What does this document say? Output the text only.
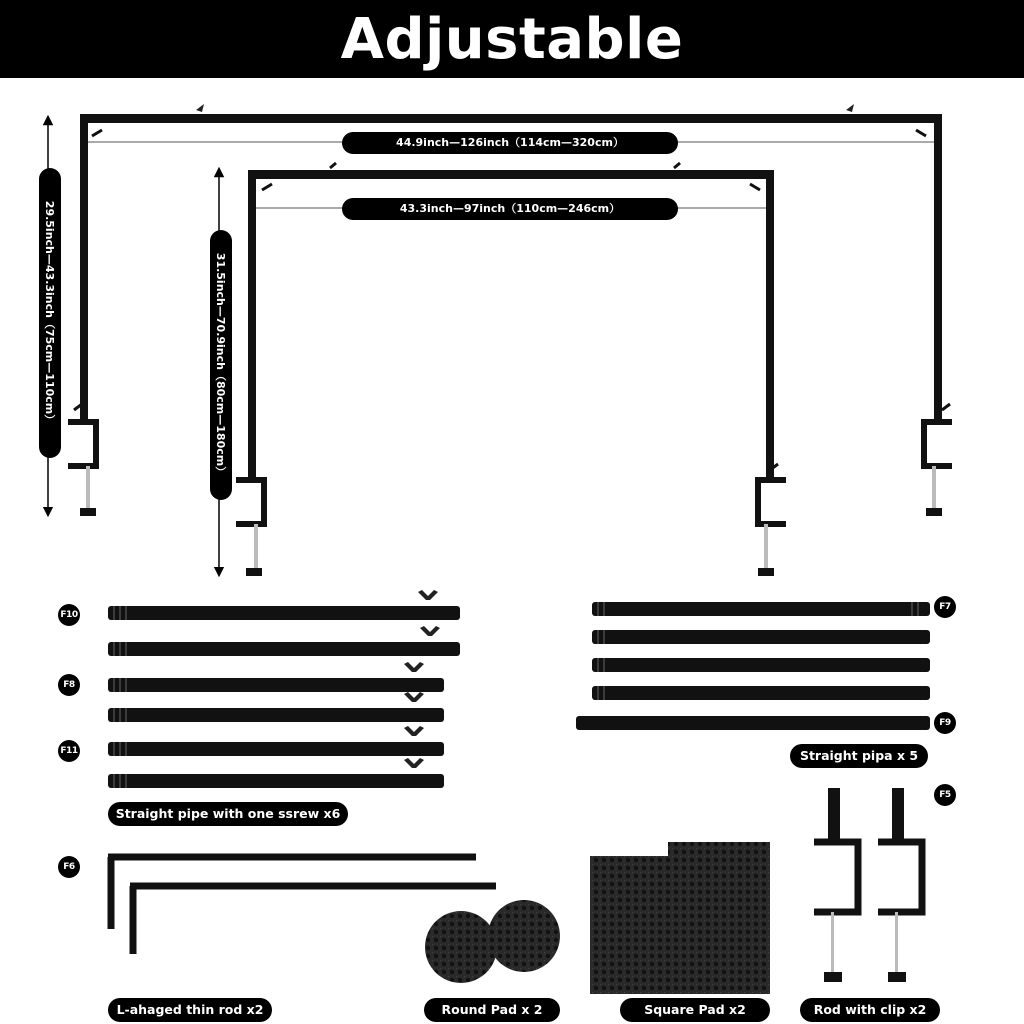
Adjustable
44.9inch—126inch（114cm—320cm）
43.3inch—97inch（110cm—246cm）
29.5inch—43.3inch（75cm—110cm）	31.5inch—70.9inch（80cm—180cm）
F10
F8
F11
F7
F9
F6
F5
Straight pipe with one ssrew x6
Straight pipa x 5
L-ahaged thin rod x2	Round Pad x 2	Square Pad x2	Rod with clip x2
